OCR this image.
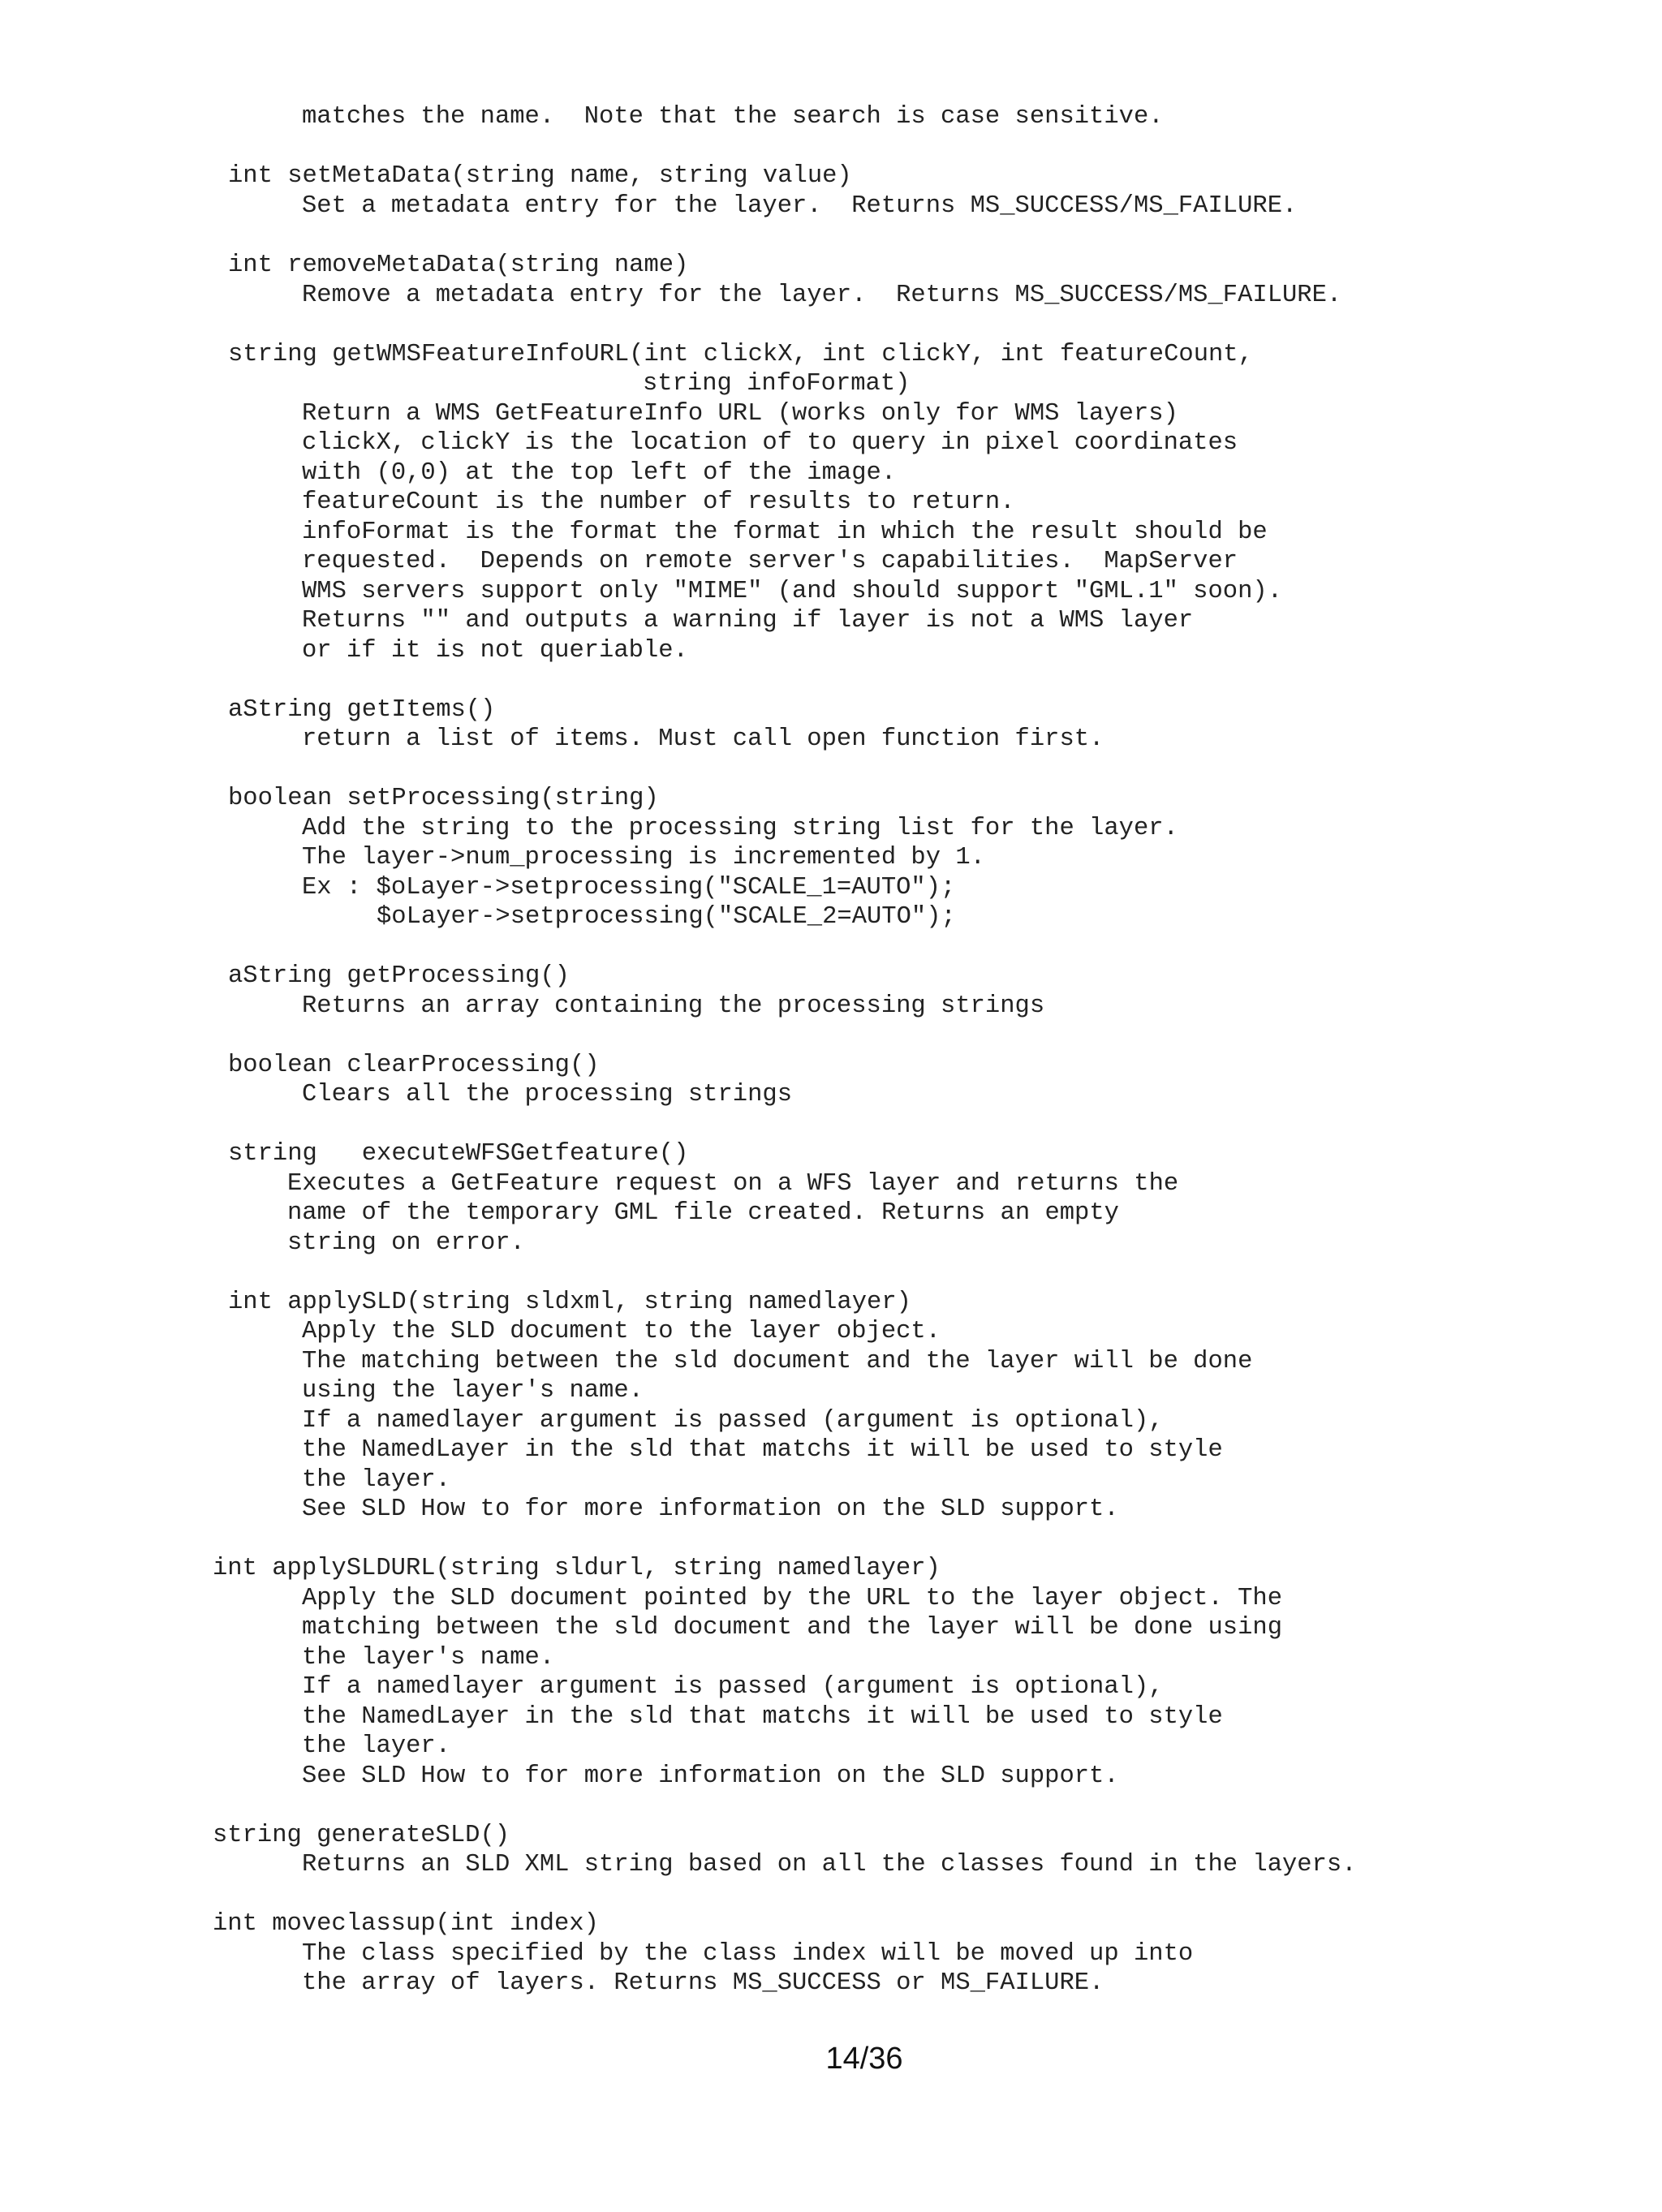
matches the name.  Note that the search is case sensitive.
int setMetaData(string name, string value)
Set a metadata entry for the layer.  Returns MS_SUCCESS/MS_FAILURE.
int removeMetaData(string name)
Remove a metadata entry for the layer.  Returns MS_SUCCESS/MS_FAILURE.
string getWMSFeatureInfoURL(int clickX, int clickY, int featureCount,
string infoFormat)
Return a WMS GetFeatureInfo URL (works only for WMS layers)
clickX, clickY is the location of to query in pixel coordinates
with (0,0) at the top left of the image.
featureCount is the number of results to return.
infoFormat is the format the format in which the result should be
requested.  Depends on remote server's capabilities.  MapServer
WMS servers support only "MIME" (and should support "GML.1" soon).
Returns "" and outputs a warning if layer is not a WMS layer
or if it is not queriable.
aString getItems()
return a list of items. Must call open function first.
boolean setProcessing(string)
Add the string to the processing string list for the layer.
The layer->num_processing is incremented by 1.
Ex : $oLayer->setprocessing("SCALE_1=AUTO");
$oLayer->setprocessing("SCALE_2=AUTO");
aString getProcessing()
Returns an array containing the processing strings
boolean clearProcessing()
Clears all the processing strings
string   executeWFSGetfeature()
Executes a GetFeature request on a WFS layer and returns the
name of the temporary GML file created. Returns an empty
string on error.
int applySLD(string sldxml, string namedlayer)
Apply the SLD document to the layer object.
The matching between the sld document and the layer will be done
using the layer's name.
If a namedlayer argument is passed (argument is optional),
the NamedLayer in the sld that matchs it will be used to style
the layer.
See SLD How to for more information on the SLD support.
int applySLDURL(string sldurl, string namedlayer)
Apply the SLD document pointed by the URL to the layer object. The
matching between the sld document and the layer will be done using
the layer's name.
If a namedlayer argument is passed (argument is optional),
the NamedLayer in the sld that matchs it will be used to style
the layer.
See SLD How to for more information on the SLD support.
string generateSLD()
Returns an SLD XML string based on all the classes found in the layers.
int moveclassup(int index)
The class specified by the class index will be moved up into
the array of layers. Returns MS_SUCCESS or MS_FAILURE.
14/36
